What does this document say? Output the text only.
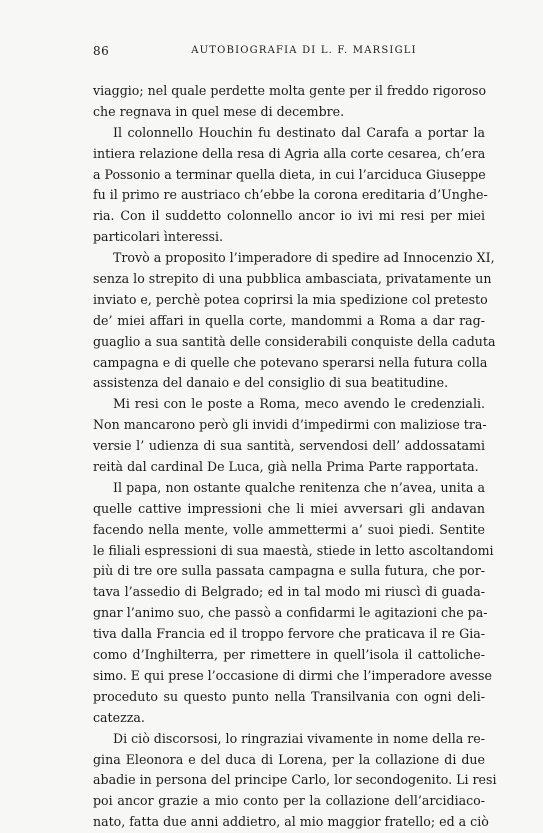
86	AUTOBIOGRAFIA DI L. F. MARSIGLI

viaggio; nel quale perdette molta gente per il freddo rigoroso
che regnava in quel mese di decembre.

Il colonnello Houchin fu destinato dal Carafa a portar la
intiera relazione della resa di Agria alla corte cesarea, ch’era
a Possonio a terminar quella dieta, in cui l’arciduca Giuseppe
fu il primo re austriaco ch’ebbe la corona ereditaria d’Unghe-
ria. Con il suddetto colonnello ancor io ivi mi resi per miei
particolari ìnteressi.

Trovò a proposito l’imperadore di spedire ad Innocenzio XI,
senza lo strepito di una pubblica ambasciata, privatamente un
inviato e, perchè potea coprirsi la mia spedizione col pretesto
de’ miei affari in quella corte, mandommi a Roma a dar rag-
guaglio a sua santità delle considerabili conquiste della caduta
campagna e di quelle che potevano sperarsi nella futura colla
assistenza del danaio e del consiglio di sua beatitudine.

Mi resi con le poste a Roma, meco avendo le credenziali.
Non mancarono però gli invidi d’impedirmi con maliziose tra-
versie l’ udienza di sua santità, servendosi dell’ addossatami
reità dal cardinal De Luca, già nella Prima Parte rapportata.

Il papa, non ostante qualche renitenza che n’avea, unita a
quelle cattive impressioni che li miei avversari gli andavan
facendo nella mente, volle ammettermi a’ suoi piedi. Sentite
le filiali espressioni di sua maestà, stiede in letto ascoltandomi
più di tre ore sulla passata campagna e sulla futura, che por-
tava l’assedio di Belgrado; ed in tal modo mi riuscì di guada-
gnar l’animo suo, che passò a confidarmi le agitazioni che pa-
tiva dalla Francia ed il troppo fervore che praticava il re Gia-
como d’Inghilterra, per rimettere in quell’isola il cattoliche-
simo. E qui prese l’occasione di dirmi che l’imperadore avesse
proceduto su questo punto nella Transilvania con ogni deli-
catezza.

Di ciò discorsosi, lo ringraziai vivamente in nome della re-
gina Eleonora e del duca di Lorena, per la collazione di due
abadie in persona del principe Carlo, lor secondogenito. Li resi
poi ancor grazie a mio conto per la collazione dell’arcidiaco-
nato, fatta due anni addietro, al mio maggior fratello; ed a ciò
